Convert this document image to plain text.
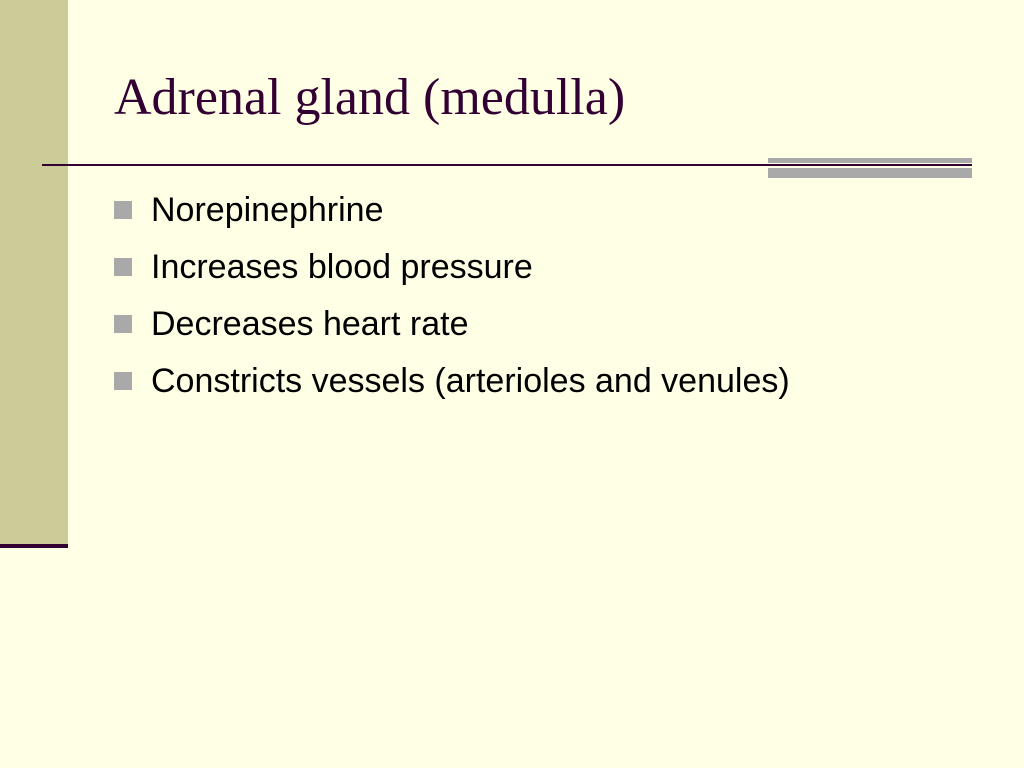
Adrenal gland (medulla)
Norepinephrine
Increases blood pressure
Decreases heart rate
Constricts vessels (arterioles and venules)
